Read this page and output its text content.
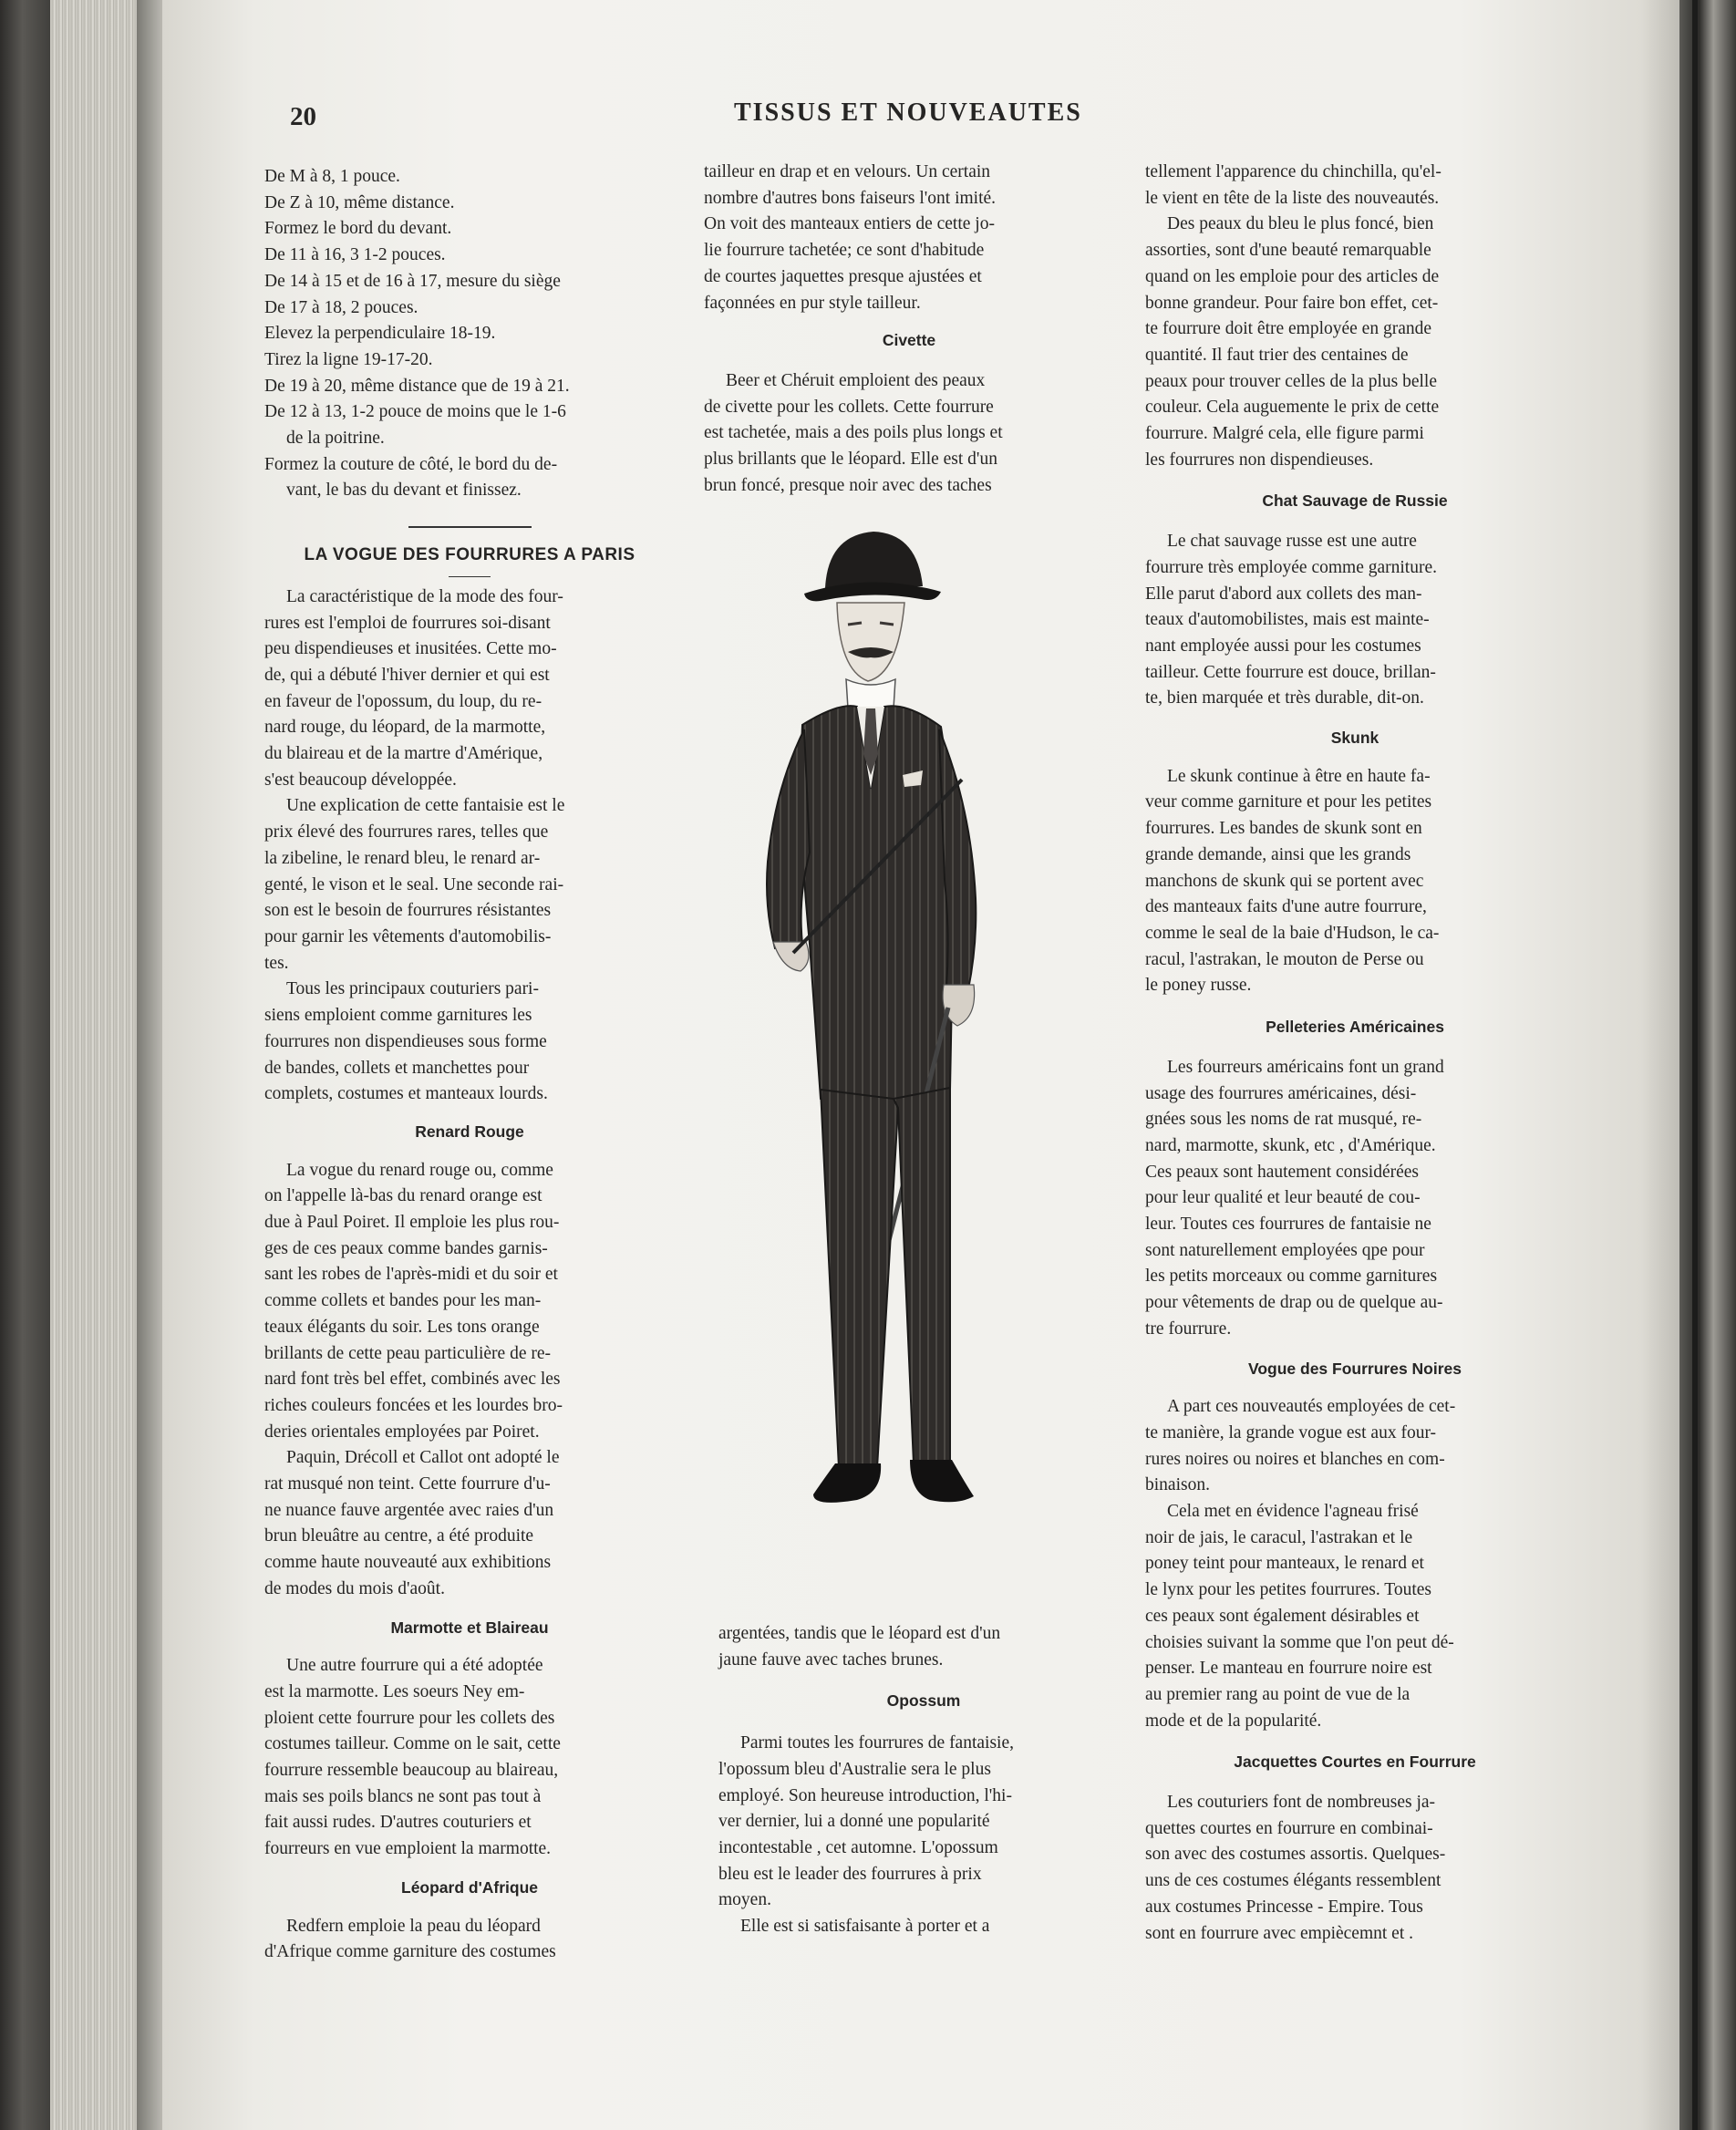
20	TISSUS ET NOUVEAUTES
De M à 8, 1 pouce.
De Z à 10, même distance.
Formez le bord du devant.
De 11 à 16, 3 1-2 pouces.
De 14 à 15 et de 16 à 17, mesure du siège
De 17 à 18, 2 pouces.
Elevez la perpendiculaire 18-19.
Tirez la ligne 19-17-20.
De 19 à 20, même distance que de 19 à 21.
De 12 à 13, 1-2 pouce de moins que le 1-6
de la poitrine.
Formez la couture de côté, le bord du de-
vant, le bas du devant et finissez.
LA VOGUE DES FOURRURES A PARIS
La caractéristique de la mode des four-
rures est l'emploi de fourrures soi-disant
peu dispendieuses et inusitées. Cette mo-
de, qui a débuté l'hiver dernier et qui est
en faveur de l'opossum, du loup, du re-
nard rouge, du léopard, de la marmotte,
du blaireau et de la martre d'Amérique,
s'est beaucoup développée.
Une explication de cette fantaisie est le
prix élevé des fourrures rares, telles que
la zibeline, le renard bleu, le renard ar-
genté, le vison et le seal. Une seconde rai-
son est le besoin de fourrures résistantes
pour garnir les vêtements d'automobilis-
tes.
Tous les principaux couturiers pari-
siens emploient comme garnitures les
fourrures non dispendieuses sous forme
de bandes, collets et manchettes pour
complets, costumes et manteaux lourds.
Renard Rouge
La vogue du renard rouge ou, comme
on l'appelle là-bas du renard orange est
due à Paul Poiret. Il emploie les plus rou-
ges de ces peaux comme bandes garnis-
sant les robes de l'après-midi et du soir et
comme collets et bandes pour les man-
teaux élégants du soir. Les tons orange
brillants de cette peau particulière de re-
nard font très bel effet, combinés avec les
riches couleurs foncées et les lourdes bro-
deries orientales employées par Poiret.
Paquin, Drécoll et Callot ont adopté le
rat musqué non teint. Cette fourrure d'u-
ne nuance fauve argentée avec raies d'un
brun bleuâtre au centre, a été produite
comme haute nouveauté aux exhibitions
de modes du mois d'août.
Marmotte et Blaireau
Une autre fourrure qui a été adoptée
est la marmotte. Les soeurs Ney em-
ploient cette fourrure pour les collets des
costumes tailleur. Comme on le sait, cette
fourrure ressemble beaucoup au blaireau,
mais ses poils blancs ne sont pas tout à
fait aussi rudes. D'autres couturiers et
fourreurs en vue emploient la marmotte.
Léopard d'Afrique
Redfern emploie la peau du léopard
d'Afrique comme garniture des costumes
tailleur en drap et en velours. Un certain
nombre d'autres bons faiseurs l'ont imité.
On voit des manteaux entiers de cette jo-
lie fourrure tachetée; ce sont d'habitude
de courtes jaquettes presque ajustées et
façonnées en pur style tailleur.
Civette
Beer et Chéruit emploient des peaux
de civette pour les collets. Cette fourrure
est tachetée, mais a des poils plus longs et
plus brillants que le léopard. Elle est d'un
brun foncé, presque noir avec des taches
argentées, tandis que le léopard est d'un
jaune fauve avec taches brunes.
Opossum
Parmi toutes les fourrures de fantaisie,
l'opossum bleu d'Australie sera le plus
employé. Son heureuse introduction, l'hi-
ver dernier, lui a donné une popularité
incontestable , cet automne. L'opossum
bleu est le leader des fourrures à prix
moyen.
Elle est si satisfaisante à porter et a
tellement l'apparence du chinchilla, qu'el-
le vient en tête de la liste des nouveautés.
Des peaux du bleu le plus foncé, bien
assorties, sont d'une beauté remarquable
quand on les emploie pour des articles de
bonne grandeur. Pour faire bon effet, cet-
te fourrure doit être employée en grande
quantité. Il faut trier des centaines de
peaux pour trouver celles de la plus belle
couleur. Cela auguemente le prix de cette
fourrure. Malgré cela, elle figure parmi
les fourrures non dispendieuses.
Chat Sauvage de Russie
Le chat sauvage russe est une autre
fourrure très employée comme garniture.
Elle parut d'abord aux collets des man-
teaux d'automobilistes, mais est mainte-
nant employée aussi pour les costumes
tailleur. Cette fourrure est douce, brillan-
te, bien marquée et très durable, dit-on.
Skunk
Le skunk continue à être en haute fa-
veur comme garniture et pour les petites
fourrures. Les bandes de skunk sont en
grande demande, ainsi que les grands
manchons de skunk qui se portent avec
des manteaux faits d'une autre fourrure,
comme le seal de la baie d'Hudson, le ca-
racul, l'astrakan, le mouton de Perse ou
le poney russe.
Pelleteries Américaines
Les fourreurs américains font un grand
usage des fourrures américaines, dési-
gnées sous les noms de rat musqué, re-
nard, marmotte, skunk, etc , d'Amérique.
Ces peaux sont hautement considérées
pour leur qualité et leur beauté de cou-
leur. Toutes ces fourrures de fantaisie ne
sont naturellement employées qpe pour
les petits morceaux ou comme garnitures
pour vêtements de drap ou de quelque au-
tre fourrure.
Vogue des Fourrures Noires
A part ces nouveautés employées de cet-
te manière, la grande vogue est aux four-
rures noires ou noires et blanches en com-
binaison.
Cela met en évidence l'agneau frisé
noir de jais, le caracul, l'astrakan et le
poney teint pour manteaux, le renard et
le lynx pour les petites fourrures. Toutes
ces peaux sont également désirables et
choisies suivant la somme que l'on peut dé-
penser. Le manteau en fourrure noire est
au premier rang au point de vue de la
mode et de la popularité.
Jacquettes Courtes en Fourrure
Les couturiers font de nombreuses ja-
quettes courtes en fourrure en combinai-
son avec des costumes assortis. Quelques-
uns de ces costumes élégants ressemblent
aux costumes Princesse - Empire. Tous
sont en fourrure avec empiècemnt et .
